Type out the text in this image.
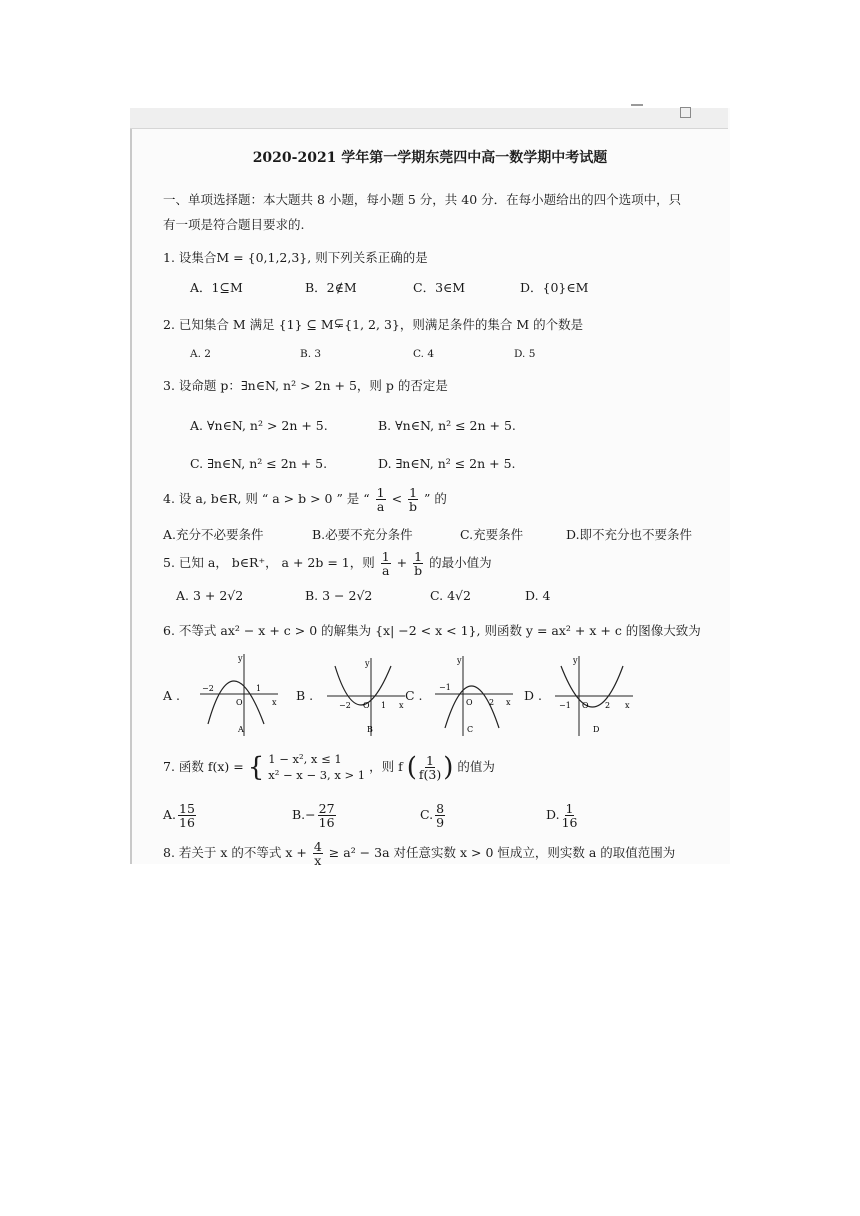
2020-2021 学年第一学期东莞四中高一数学期中考试题
一、单项选择题：本大题共 8 小题，每小题 5 分，共 40 分．在每小题给出的四个选项中，只
有一项是符合题目要求的.
1. 设集合M = {0,1,2,3}, 则下列关系正确的是
A．1⊆M	B．2∉M	C．3∈M	D．{0}∈M
2. 已知集合 M 满足 {1} ⊆ M⊊{1, 2, 3}，则满足条件的集合 M 的个数是
A. 2	B. 3	C. 4	D. 5
3. 设命题 p：∃n∈N, n² > 2n + 5，则 p 的否定是
A. ∀n∈N, n² > 2n + 5.	B. ∀n∈N, n² ≤ 2n + 5.
C. ∃n∈N, n² ≤ 2n + 5.	D. ∃n∈N, n² ≤ 2n + 5.
4. 设 a, b∈R, 则 “ a > b > 0 ” 是 “ $\frac{1}{a} < \frac{1}{b}$ ” 的
A.充分不必要条件	B.必要不充分条件	C.充要条件	D.即不充分也不要条件
5. 已知 a， b∈R⁺， a + 2b = 1，则 $\frac{1}{a} + \frac{1}{b}$ 的最小值为
A. 3 + 2√2	B. 3 − 2√2	C. 4√2	D. 4
6. 不等式 ax² − x + c > 0 的解集为 {x| −2 < x < 1}, 则函数 y = ax² + x + c 的图像大致为
A .
y
−2	1
O	x
A
B .
y
−2 O 1 x
B
C .
y
−1
O 2 x
C
D .
y
−1 O 2 x
D
7. 函数 f(x) = { 1 − x², x ≤ 1
x² − x − 3, x > 1
，则 f ( $\frac{1}{f(3)}$ ) 的值为
A. $\frac{15}{16}$	$B.- \frac{27}{16}$	C. $\frac{8}{9}$	D. $\frac{1}{16}$
8. 若关于 x 的不等式 $x + \frac{4}{x} \ge a^2 - 3a$ 对任意实数 x > 0 恒成立，则实数 a 的取值范围为
